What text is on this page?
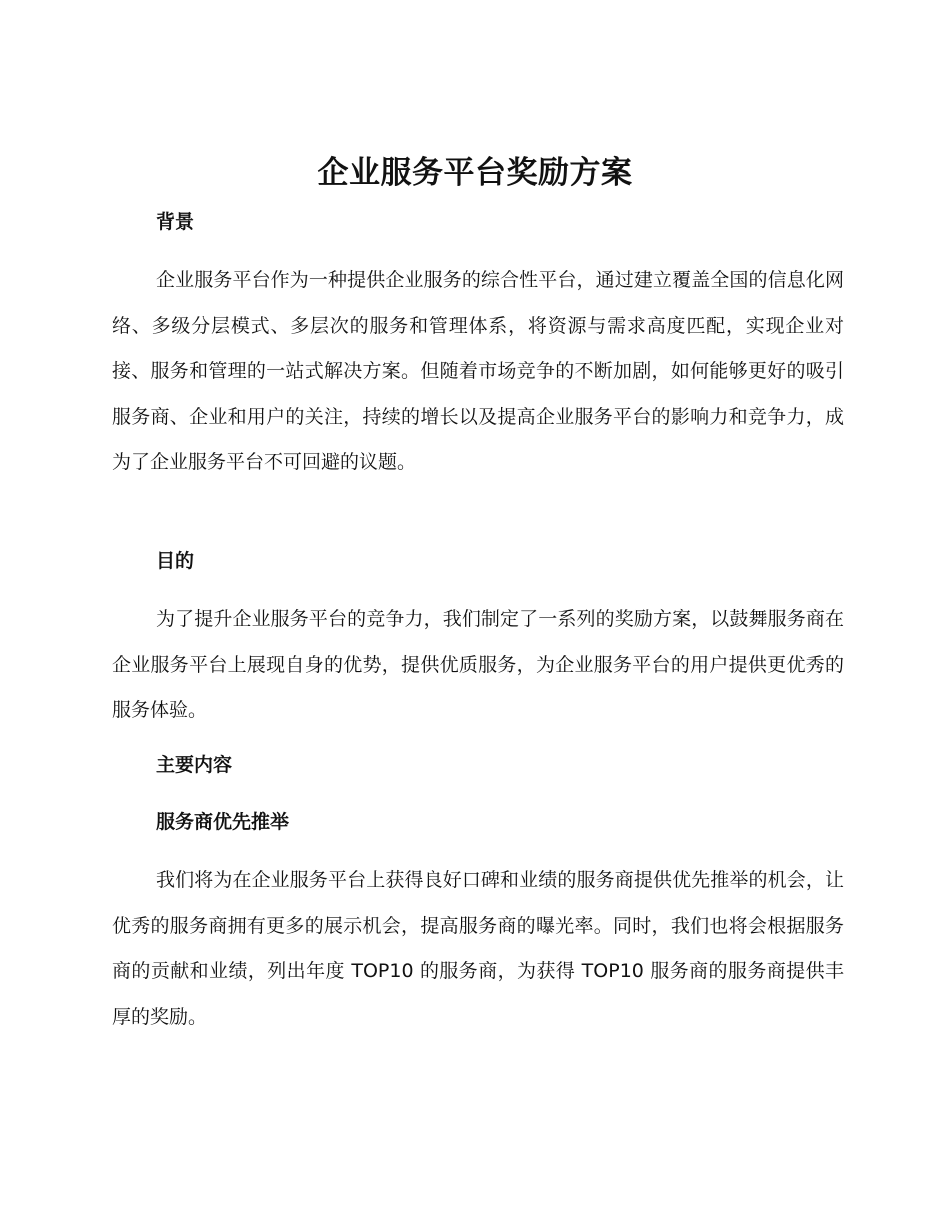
企业服务平台奖励方案
背景

企业服务平台作为一种提供企业服务的综合性平台，通过建立覆盖全国的信息化网络、多级分层模式、多层次的服务和管理体系，将资源与需求高度匹配，实现企业对接、服务和管理的一站式解决方案。但随着市场竞争的不断加剧，如何能够更好的吸引服务商、企业和用户的关注，持续的增长以及提高企业服务平台的影响力和竞争力，成为了企业服务平台不可回避的议题。

目的

为了提升企业服务平台的竞争力，我们制定了一系列的奖励方案，以鼓舞服务商在企业服务平台上展现自身的优势，提供优质服务，为企业服务平台的用户提供更优秀的服务体验。

主要内容
服务商优先推举

我们将为在企业服务平台上获得良好口碑和业绩的服务商提供优先推举的机会，让优秀的服务商拥有更多的展示机会，提高服务商的曝光率。同时，我们也将会根据服务商的贡献和业绩，列出年度 TOP10 的服务商，为获得 TOP10 服务商的服务商提供丰厚的奖励。
